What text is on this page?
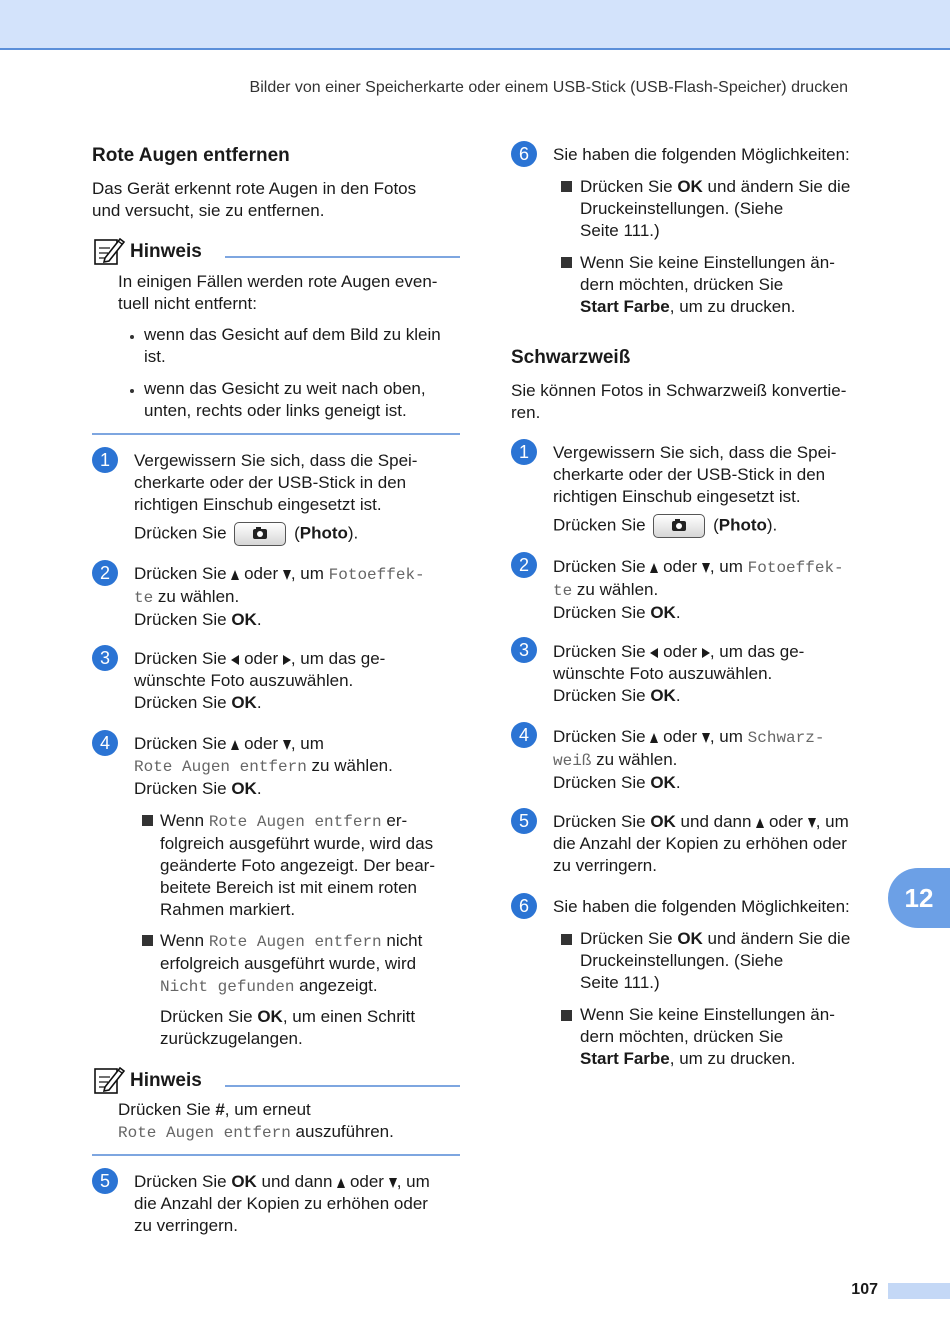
Bilder von einer Speicherkarte oder einem USB-Stick (USB-Flash-Speicher) drucken
Rote Augen entfernen
Das Gerät erkennt rote Augen in den Fotos
und versucht, sie zu entfernen.
Hinweis
In einigen Fällen werden rote Augen even-
tuell nicht entfernt:
wenn das Gesicht auf dem Bild zu klein
ist.
wenn das Gesicht zu weit nach oben,
unten, rechts oder links geneigt ist.
1	Vergewissern Sie sich, dass die Spei-
cherkarte oder der USB-Stick in den
richtigen Einschub eingesetzt ist.
Drücken Sie	(Photo).
2	Drücken Sie oder , um Fotoeffek-
te zu wählen.
Drücken Sie OK.
3	Drücken Sie oder , um das ge-
wünschte Foto auszuwählen.
Drücken Sie OK.
4	Drücken Sie oder , um
Rote Augen entfern zu wählen.
Drücken Sie OK.
Wenn Rote Augen entfern er-
folgreich ausgeführt wurde, wird das
geänderte Foto angezeigt. Der bear-
beitete Bereich ist mit einem roten
Rahmen markiert.
Wenn Rote Augen entfern nicht
erfolgreich ausgeführt wurde, wird
Nicht gefunden angezeigt.
Drücken Sie OK, um einen Schritt
zurückzugelangen.
Hinweis
Drücken Sie #, um erneut
Rote Augen entfern auszuführen.
5	Drücken Sie OK und dann oder , um
die Anzahl der Kopien zu erhöhen oder
zu verringern.
6	Sie haben die folgenden Möglichkeiten:
Drücken Sie OK und ändern Sie die
Druckeinstellungen. (Siehe
Seite 111.)
Wenn Sie keine Einstellungen än-
dern möchten, drücken Sie
Start Farbe, um zu drucken.
Schwarzweiß
Sie können Fotos in Schwarzweiß konvertie-
ren.
1	Vergewissern Sie sich, dass die Spei-
cherkarte oder der USB-Stick in den
richtigen Einschub eingesetzt ist.
Drücken Sie	(Photo).
2	Drücken Sie oder , um Fotoeffek-
te zu wählen.
Drücken Sie OK.
3	Drücken Sie oder , um das ge-
wünschte Foto auszuwählen.
Drücken Sie OK.
4	Drücken Sie oder , um Schwarz-
weiß zu wählen.
Drücken Sie OK.
5	Drücken Sie OK und dann oder , um
die Anzahl der Kopien zu erhöhen oder
zu verringern.
6	Sie haben die folgenden Möglichkeiten:
Drücken Sie OK und ändern Sie die
Druckeinstellungen. (Siehe
Seite 111.)
Wenn Sie keine Einstellungen än-
dern möchten, drücken Sie
Start Farbe, um zu drucken.
12
107
